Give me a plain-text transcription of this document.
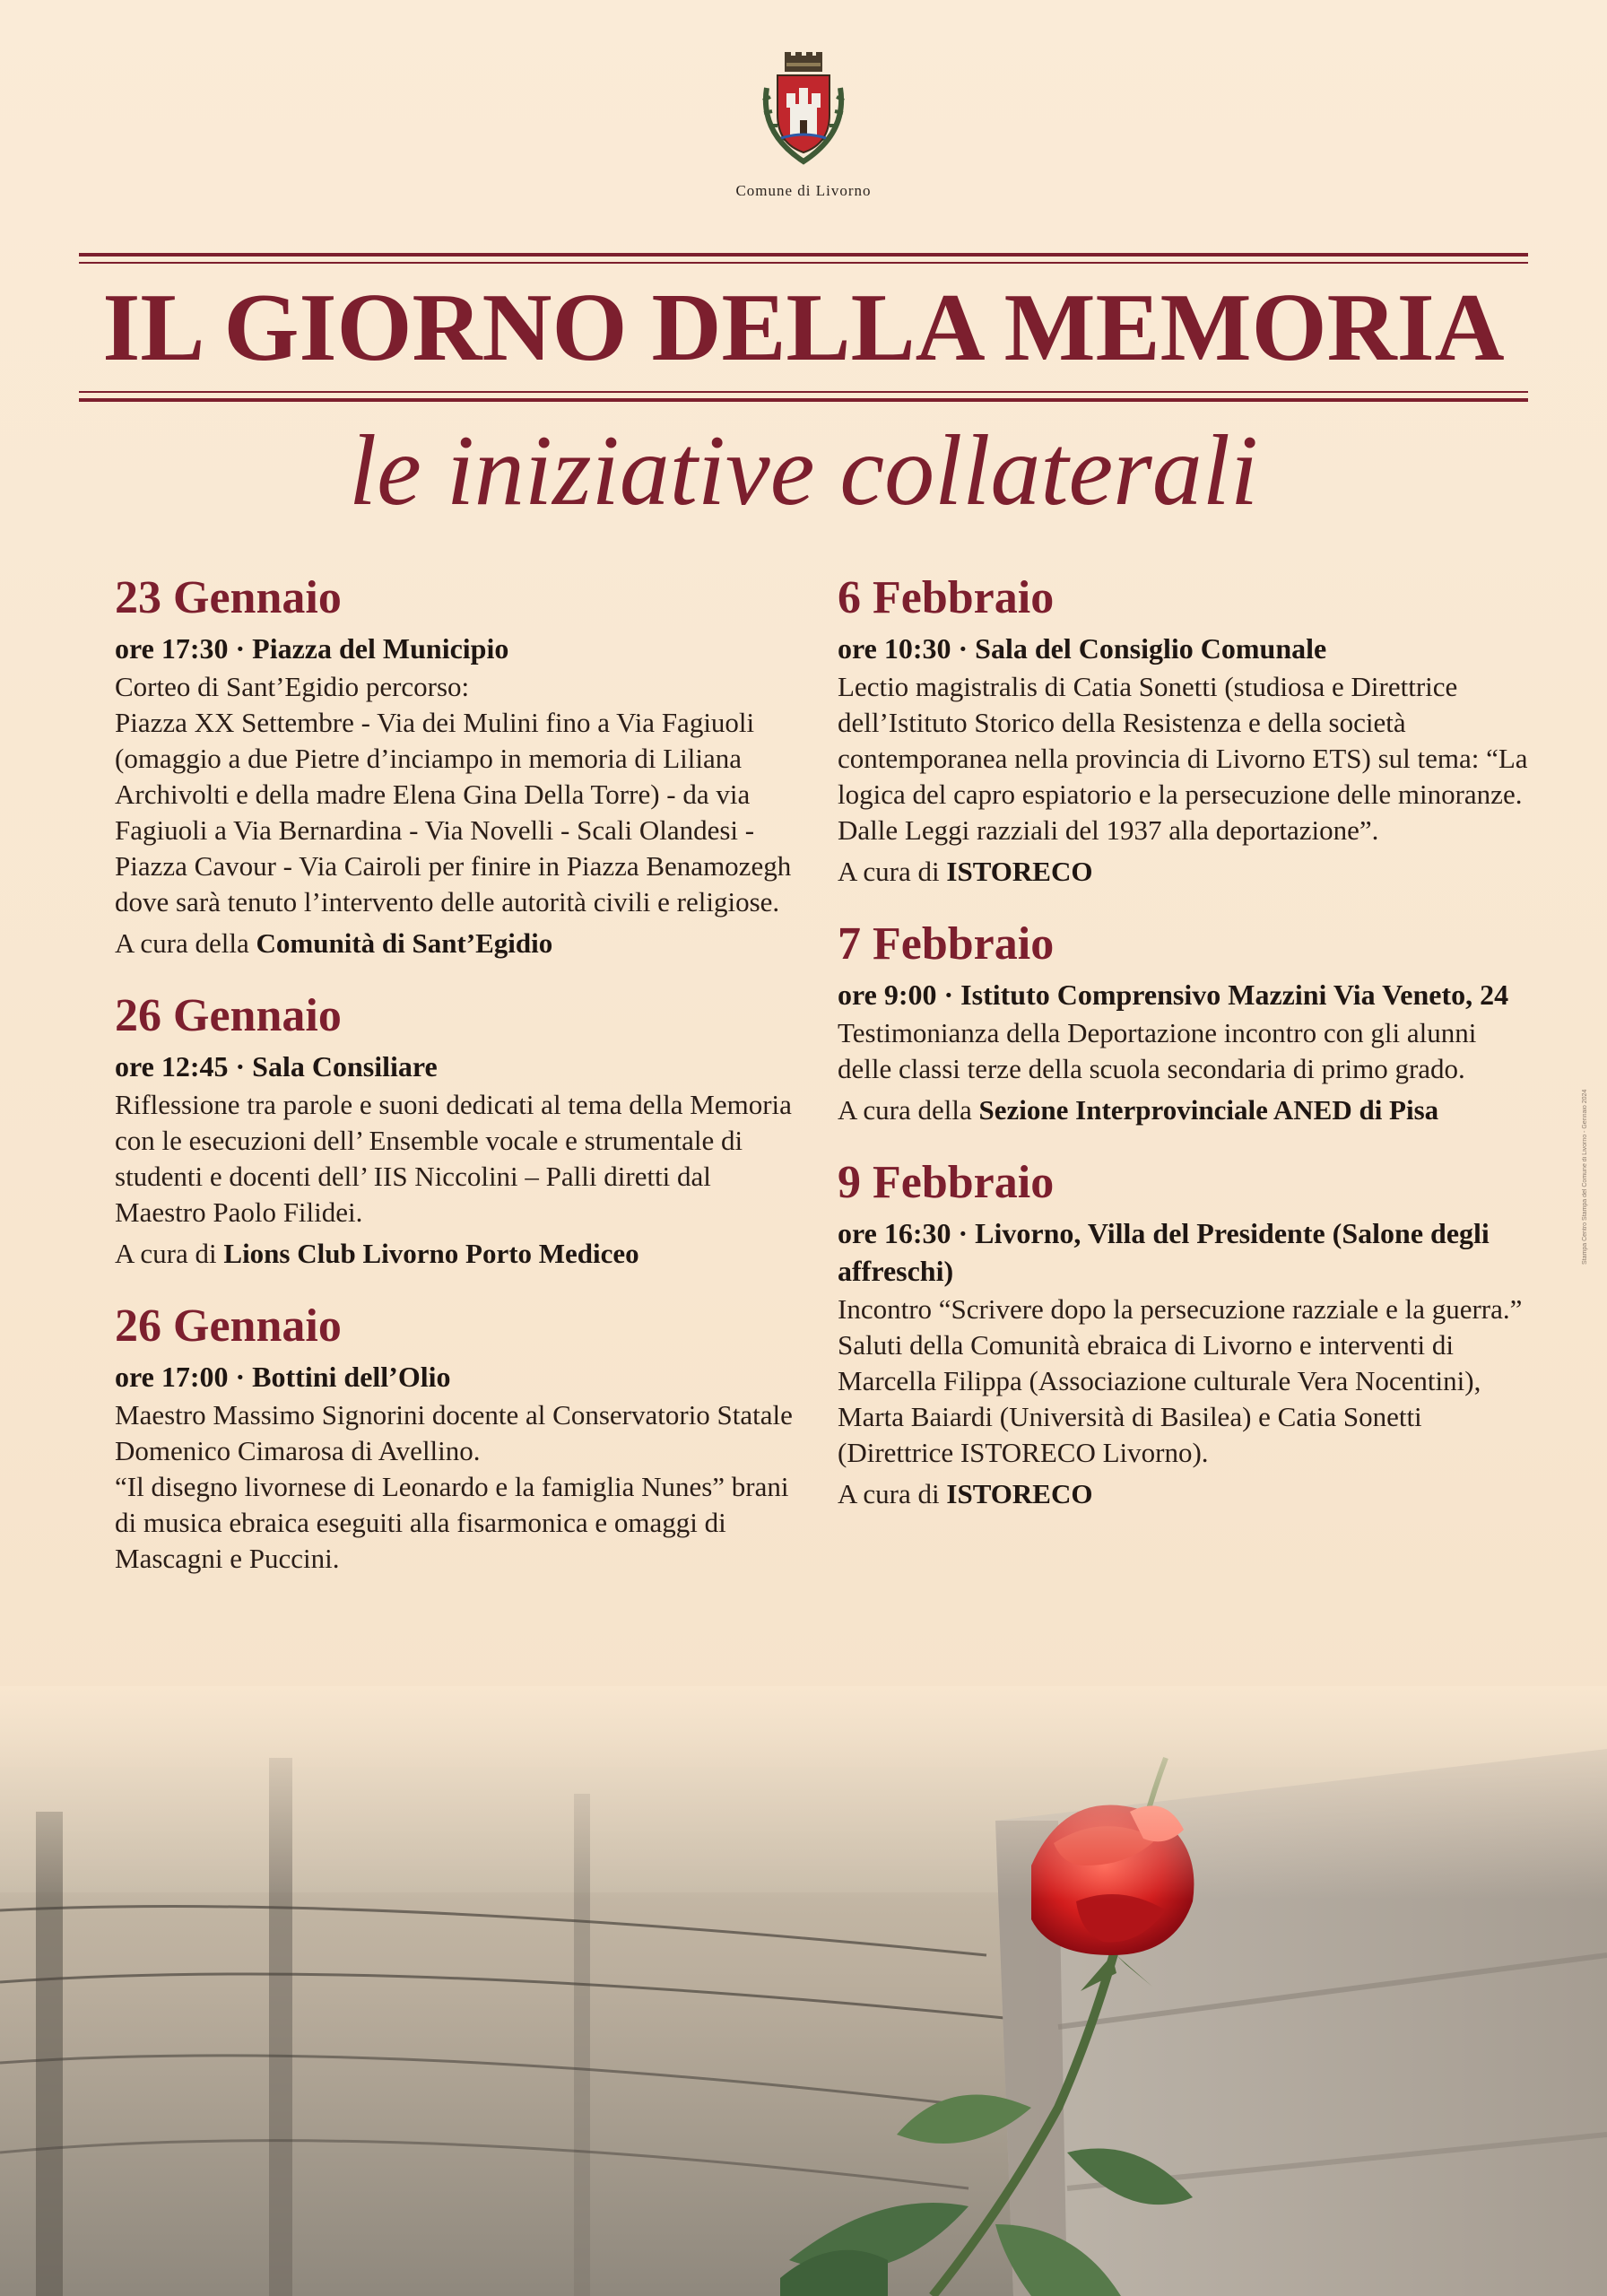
Comune di Livorno
IL GIORNO DELLA MEMORIA
le iniziative collaterali
23 Gennaio
ore 17:30 · Piazza del Municipio
Corteo di Sant’Egidio percorso:
Piazza XX Settembre - Via dei Mulini fino a Via Fagiuoli (omaggio a due Pietre d’inciampo in memoria di Liliana Archivolti e della madre Elena Gina Della Torre) - da via Fagiuoli a Via Bernardina - Via Novelli - Scali Olandesi - Piazza Cavour - Via Cairoli per finire in Piazza Benamozegh dove sarà tenuto l’intervento delle autorità civili e religiose.
A cura della Comunità di Sant’Egidio
26 Gennaio
ore 12:45 · Sala Consiliare
Riflessione tra parole e suoni dedicati al tema della Memoria con le esecuzioni dell’ Ensemble vocale e strumentale di studenti e docenti dell’ IIS Niccolini – Palli diretti dal Maestro Paolo Filidei.
A cura di Lions Club Livorno Porto Mediceo
26 Gennaio
ore 17:00 · Bottini dell’Olio
Maestro Massimo Signorini docente al Conservatorio Statale Domenico Cimarosa di Avellino.
“Il disegno livornese di Leonardo e la famiglia Nunes” brani di musica ebraica eseguiti alla fisarmonica e omaggi di Mascagni e Puccini.
6 Febbraio
ore 10:30 · Sala del Consiglio Comunale
Lectio magistralis di Catia Sonetti (studiosa e Direttrice dell’Istituto Storico della Resistenza e della società contemporanea nella provincia di Livorno ETS) sul tema: “La logica del capro espiatorio e la persecuzione delle minoranze. Dalle Leggi razziali del 1937 alla deportazione”.
A cura di ISTORECO
7 Febbraio
ore 9:00 · Istituto Comprensivo Mazzini Via Veneto, 24
Testimonianza della Deportazione incontro con gli alunni delle classi terze della scuola secondaria di primo grado.
A cura della Sezione Interprovinciale ANED di Pisa
9 Febbraio
ore 16:30 · Livorno, Villa del Presidente (Salone degli affreschi)
Incontro “Scrivere dopo la persecuzione razziale e la guerra.”
Saluti della Comunità ebraica di Livorno e interventi di Marcella Filippa (Associazione culturale Vera Nocentini), Marta Baiardi (Università di Basilea) e Catia Sonetti (Direttrice ISTORECO Livorno).
A cura di ISTORECO
Stampa Centro Stampa del Comune di Livorno - Gennaio 2024
